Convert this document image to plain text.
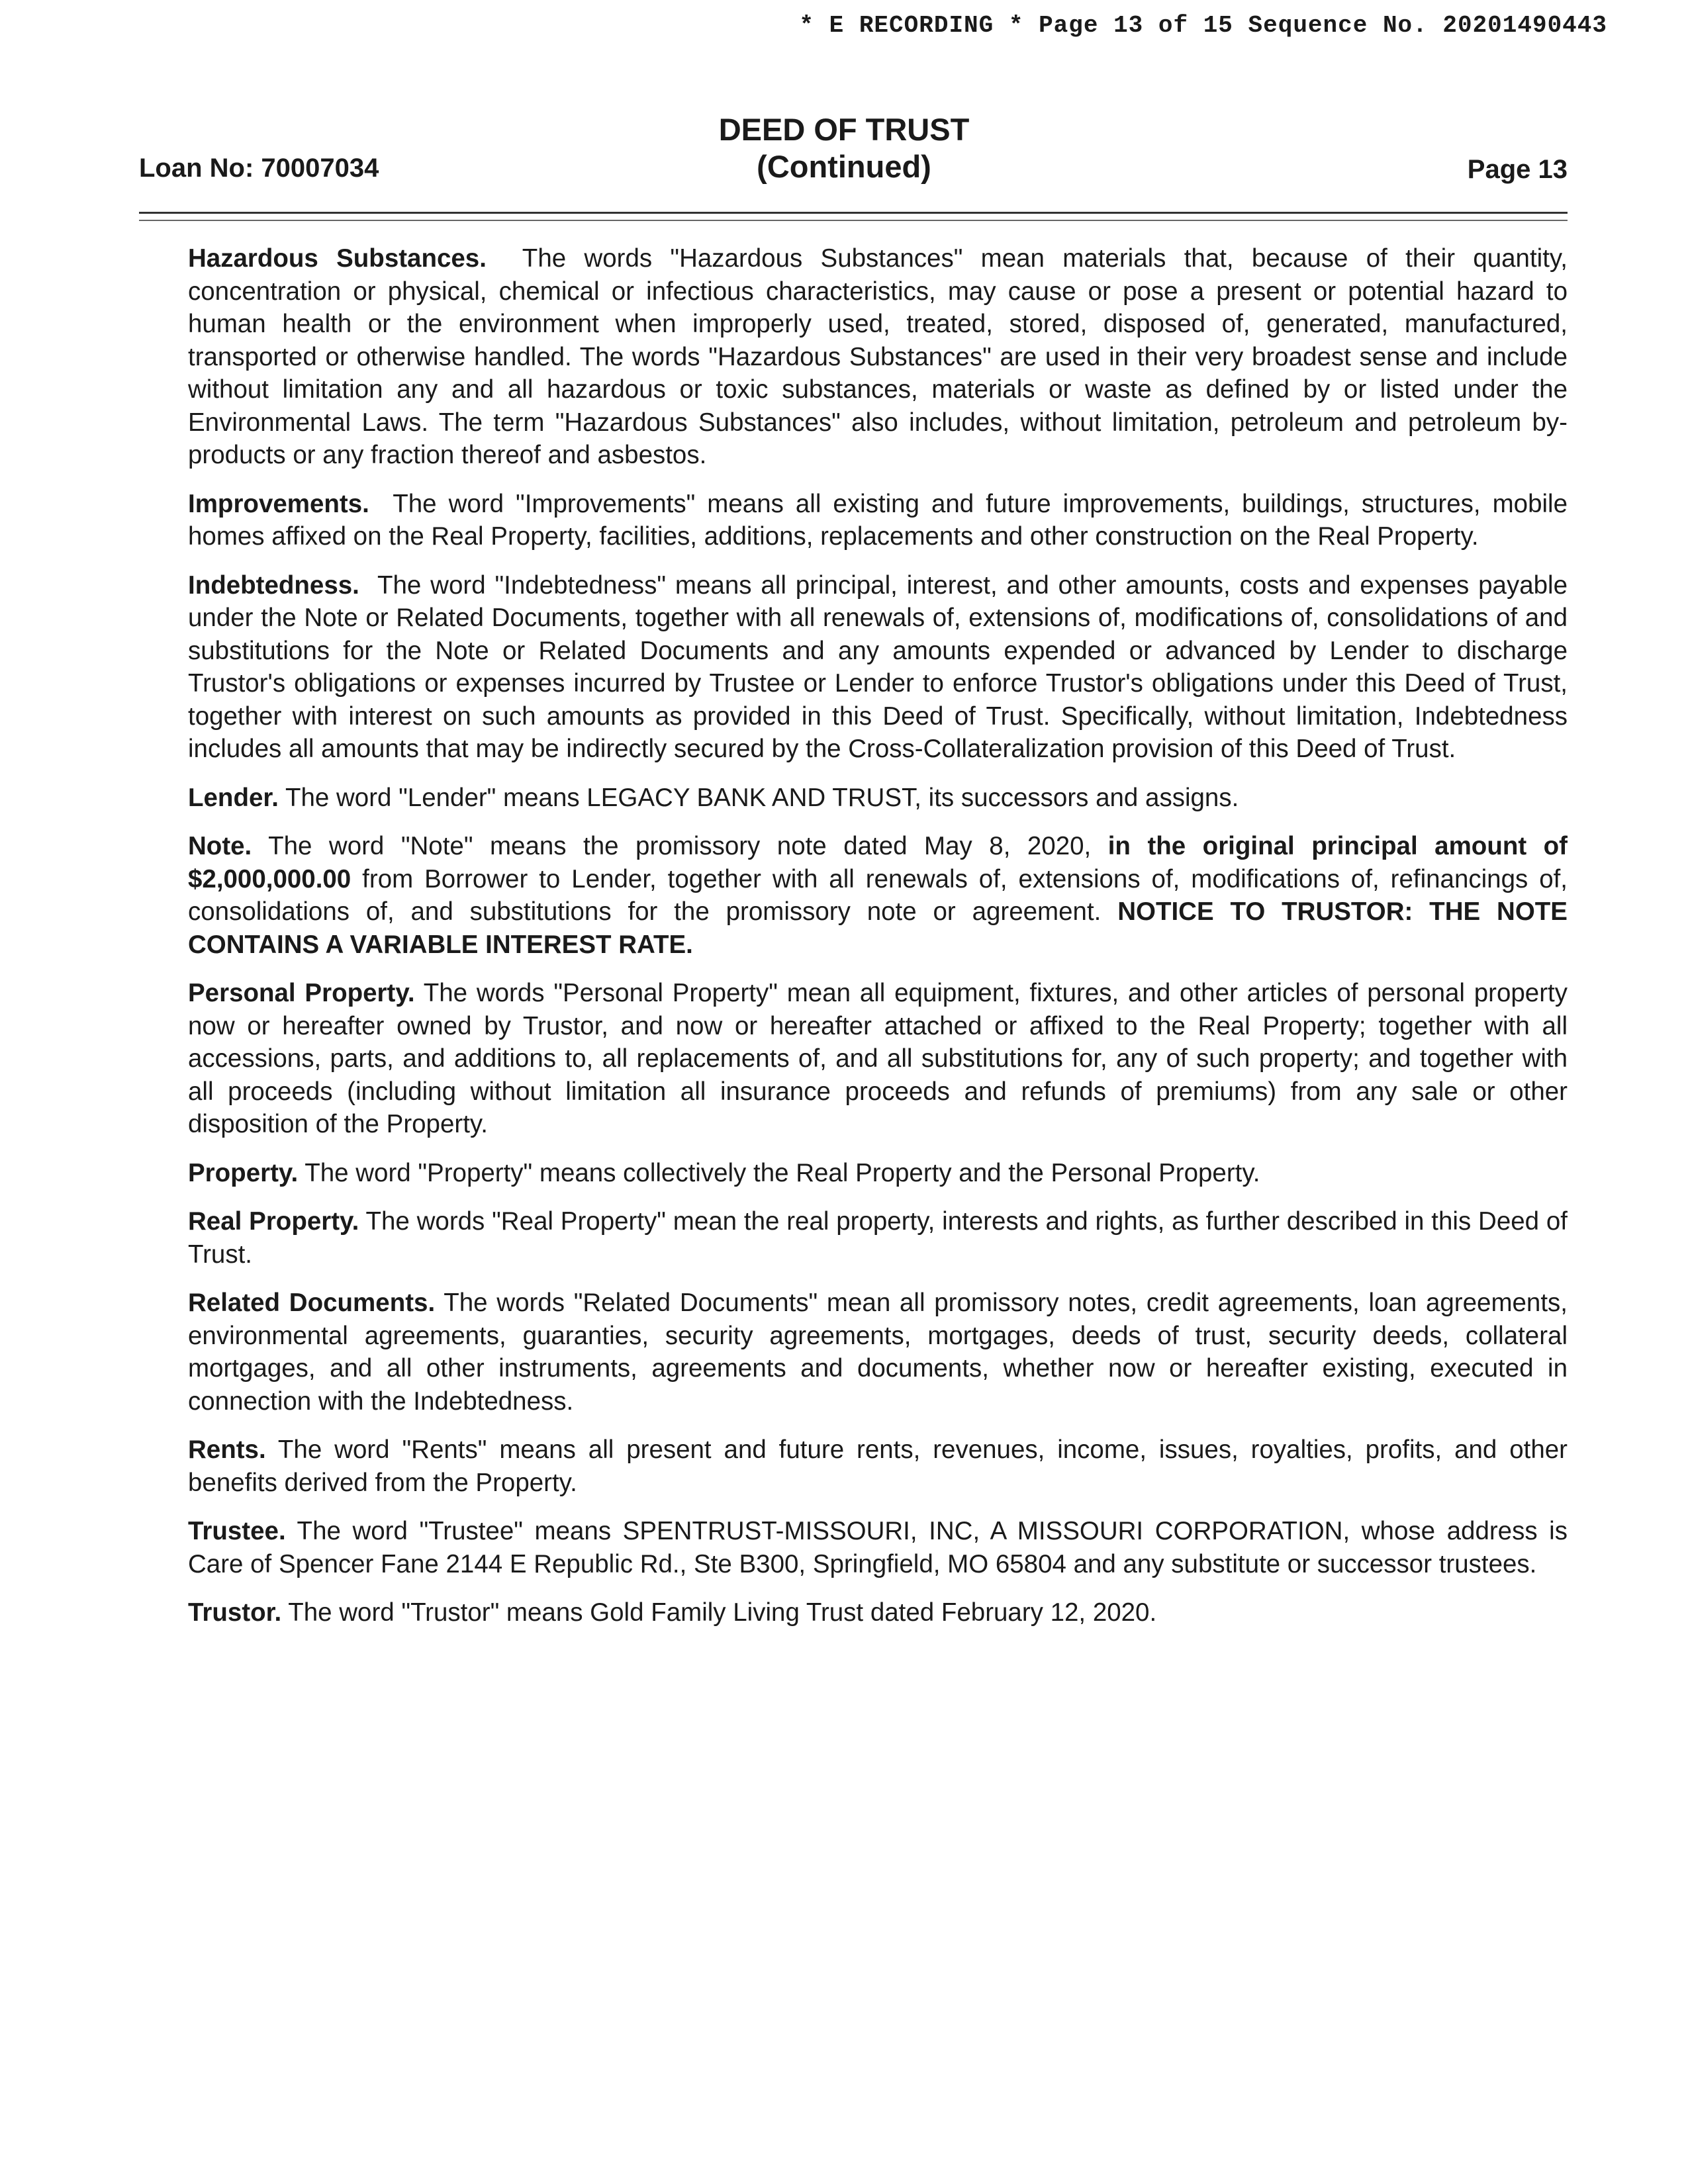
* E RECORDING * Page 13 of 15 Sequence No. 20201490443
DEED OF TRUST
(Continued)
Loan No: 70007034	Page 13

Hazardous Substances. The words "Hazardous Substances" mean materials that, because of their quantity, concentration or physical, chemical or infectious characteristics, may cause or pose a present or potential hazard to human health or the environment when improperly used, treated, stored, disposed of, generated, manufactured, transported or otherwise handled. The words "Hazardous Substances" are used in their very broadest sense and include without limitation any and all hazardous or toxic substances, materials or waste as defined by or listed under the Environmental Laws. The term "Hazardous Substances" also includes, without limitation, petroleum and petroleum by-products or any fraction thereof and asbestos.

Improvements. The word "Improvements" means all existing and future improvements, buildings, structures, mobile homes affixed on the Real Property, facilities, additions, replacements and other construction on the Real Property.

Indebtedness. The word "Indebtedness" means all principal, interest, and other amounts, costs and expenses payable under the Note or Related Documents, together with all renewals of, extensions of, modifications of, consolidations of and substitutions for the Note or Related Documents and any amounts expended or advanced by Lender to discharge Trustor's obligations or expenses incurred by Trustee or Lender to enforce Trustor's obligations under this Deed of Trust, together with interest on such amounts as provided in this Deed of Trust. Specifically, without limitation, Indebtedness includes all amounts that may be indirectly secured by the Cross-Collateralization provision of this Deed of Trust.

Lender. The word "Lender" means LEGACY BANK AND TRUST, its successors and assigns.

Note. The word "Note" means the promissory note dated May 8, 2020, in the original principal amount of $2,000,000.00 from Borrower to Lender, together with all renewals of, extensions of, modifications of, refinancings of, consolidations of, and substitutions for the promissory note or agreement. NOTICE TO TRUSTOR: THE NOTE CONTAINS A VARIABLE INTEREST RATE.

Personal Property. The words "Personal Property" mean all equipment, fixtures, and other articles of personal property now or hereafter owned by Trustor, and now or hereafter attached or affixed to the Real Property; together with all accessions, parts, and additions to, all replacements of, and all substitutions for, any of such property; and together with all proceeds (including without limitation all insurance proceeds and refunds of premiums) from any sale or other disposition of the Property.

Property. The word "Property" means collectively the Real Property and the Personal Property.

Real Property. The words "Real Property" mean the real property, interests and rights, as further described in this Deed of Trust.

Related Documents. The words "Related Documents" mean all promissory notes, credit agreements, loan agreements, environmental agreements, guaranties, security agreements, mortgages, deeds of trust, security deeds, collateral mortgages, and all other instruments, agreements and documents, whether now or hereafter existing, executed in connection with the Indebtedness.

Rents. The word "Rents" means all present and future rents, revenues, income, issues, royalties, profits, and other benefits derived from the Property.

Trustee. The word "Trustee" means SPENTRUST-MISSOURI, INC, A MISSOURI CORPORATION, whose address is Care of Spencer Fane 2144 E Republic Rd., Ste B300, Springfield, MO 65804 and any substitute or successor trustees.

Trustor. The word "Trustor" means Gold Family Living Trust dated February 12, 2020.
